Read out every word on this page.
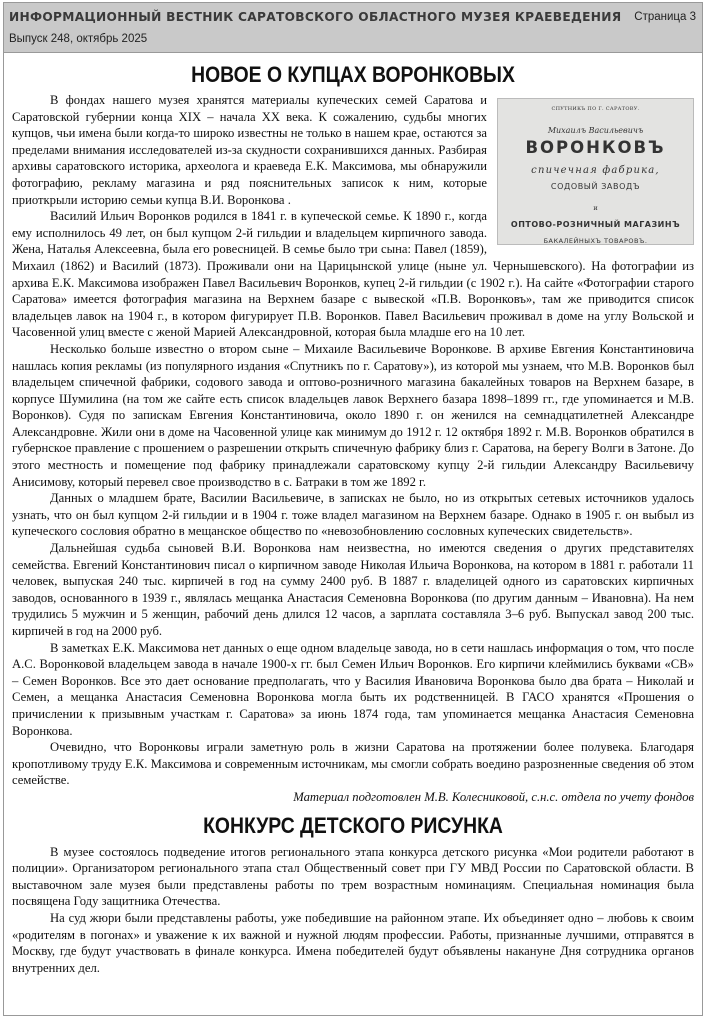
ИНФОРМАЦИОННЫЙ ВЕСТНИК САРАТОВСКОГО ОБЛАСТНОГО МУЗЕЯ КРАЕВЕДЕНИЯ
Выпуск 248, октябрь 2025
Страница 3
НОВОЕ О КУПЦАХ ВОРОНКОВЫХ
СПУТНИКЪ ПО Г. САРАТОВУ.
Михаилъ Васильевичъ
ВОРОНКОВЪ
спичечная фабрика,
СОДОВЫЙ ЗАВОДЪ
и
ОПТОВО-РОЗНИЧНЫЙ МАГАЗИНЪ
БАКАЛЕЙНЫХЪ ТОВАРОВЪ.

В фондах нашего музея хранятся материалы купеческих семей Саратова и Саратовской губернии конца XIX – начала XX века. К сожалению, судьбы многих купцов, чьи имена были когда-то широко известны не только в нашем крае, остаются за пределами внимания исследователей из-за скудности сохранившихся данных. Разбирая архивы саратовского историка, археолога и краеведа Е.К. Максимова, мы обнаружили фотографию, рекламу магазина и ряд пояснительных записок к ним, которые приоткрыли историю семьи купца В.И. Воронкова .

Василий Ильич Воронков родился в 1841 г. в купеческой семье. К 1890 г., когда ему исполнилось 49 лет, он был купцом 2-й гильдии и владельцем кирпичного завода. Жена, Наталья Алексеевна, была его ровесницей. В семье было три сына: Павел (1859), Михаил (1862) и Василий (1873). Проживали они на Царицынской улице (ныне ул. Чернышевского). На фотографии из архива Е.К. Максимова изображен Павел Васильевич Воронков, купец 2-й гильдии (с 1902 г.). На сайте «Фотографии старого Саратова» имеется фотография магазина на Верхнем базаре с вывеской «П.В. Воронковъ», там же приводится список владельцев лавок на 1904 г., в котором фигурирует П.В. Воронков. Павел Васильевич проживал в доме на углу Вольской и Часовенной улиц вместе с женой Марией Александровной, которая была младше его на 10 лет.

Несколько больше известно о втором сыне – Михаиле Васильевиче Воронкове. В архиве Евгения Константиновича нашлась копия рекламы (из популярного издания «Спутникъ по г. Саратову»), из которой мы узнаем, что М.В. Воронков был владельцем спичечной фабрики, содового завода и оптово-розничного магазина бакалейных товаров на Верхнем базаре, в корпусе Шумилина (на том же сайте есть список владельцев лавок Верхнего базара 1898–1899 гг., где упоминается и М.В. Воронков). Судя по запискам Евгения Константиновича, около 1890 г. он женился на семнадцатилетней Александре Александровне. Жили они в доме на Часовенной улице как минимум до 1912 г. 12 октября 1892 г. М.В. Воронков обратился в губернское правление с прошением о разрешении открыть спичечную фабрику близ г. Саратова, на берегу Волги в Затоне. До этого местность и помещение под фабрику принадлежали саратовскому купцу 2-й гильдии Александру Васильевичу Анисимову, который перевел свое производство в с. Батраки в том же 1892 г.

Данных о младшем брате, Василии Васильевиче, в записках не было, но из открытых сетевых источников удалось узнать, что он был купцом 2-й гильдии и в 1904 г. тоже владел магазином на Верхнем базаре. Однако в 1905 г. он выбыл из купеческого сословия обратно в мещанское общество по «невозобновлению сословных купеческих свидетельств».

Дальнейшая судьба сыновей В.И. Воронкова нам неизвестна, но имеются сведения о других представителях семейства. Евгений Константинович писал о кирпичном заводе Николая Ильича Воронкова, на котором в 1881 г. работали 11 человек, выпуская 240 тыс. кирпичей в год на сумму 2400 руб. В 1887 г. владелицей одного из саратовских кирпичных заводов, основанного в 1939 г., являлась мещанка Анастасия Семеновна Воронкова (по другим данным – Ивановна). На нем трудились 5 мужчин и 5 женщин, рабочий день длился 12 часов, а зарплата составляла 3–6 руб. Выпускал завод 200 тыс. кирпичей в год на 2000 руб.

В заметках Е.К. Максимова нет данных о еще одном владельце завода, но в сети нашлась информация о том, что после А.С. Воронковой владельцем завода в начале 1900-х гг. был Семен Ильич Воронков. Его кирпичи клеймились буквами «СВ» – Семен Воронков. Все это дает основание предполагать, что у Василия Ивановича Воронкова было два брата – Николай и Семен, а мещанка Анастасия Семеновна Воронкова могла быть их родственницей. В ГАСО хранятся «Прошения о причислении к призывным участкам г. Саратова» за июнь 1874 года, там упоминается мещанка Анастасия Семеновна Воронкова.

Очевидно, что Воронковы играли заметную роль в жизни Саратова на протяжении более полувека. Благодаря кропотливому труду Е.К. Максимова и современным источникам, мы смогли собрать воедино разрозненные сведения об этом семействе.

Материал подготовлен М.В. Колесниковой, с.н.с. отдела по учету фондов

КОНКУРС ДЕТСКОГО РИСУНКА

В музее состоялось подведение итогов регионального этапа конкурса детского рисунка «Мои родители работают в полиции». Организатором регионального этапа стал Общественный совет при ГУ МВД России по Саратовской области. В выставочном зале музея были представлены работы по трем возрастным номинациям. Специальная номинация была посвящена Году защитника Отечества.

На суд жюри были представлены работы, уже победившие на районном этапе. Их объединяет одно – любовь к своим «родителям в погонах» и уважение к их важной и нужной людям профессии. Работы, признанные лучшими, отправятся в Москву, где будут участвовать в финале конкурса. Имена победителей будут объявлены накануне Дня сотрудника органов внутренних дел.
